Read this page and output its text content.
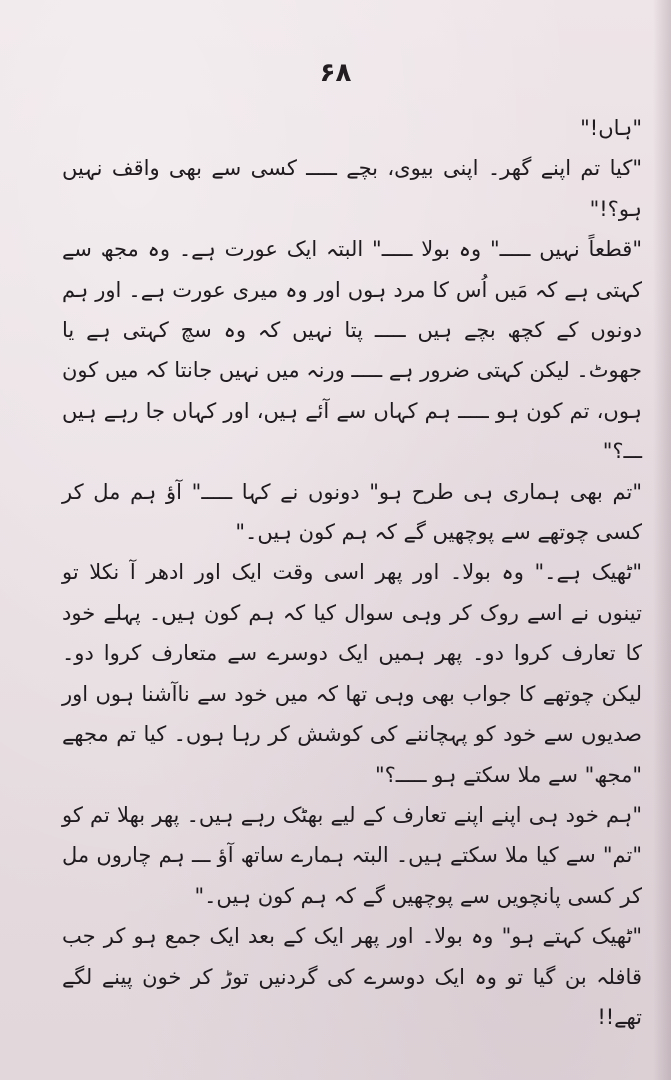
۶۸

"ہاں!"

"کیا تم اپنے گھر۔ اپنی بیوی، بچے ـــــ کسی سے بھی واقف نہیں ہو؟!"

"قطعاً نہیں ـــــ" وہ بولا ـــــ" البتہ ایک عورت ہے۔ وہ مجھ سے کہتی ہے کہ مَیں اُس کا مرد ہوں اور وہ میری عورت ہے۔ اور ہم دونوں کے کچھ بچے ہیں ـــــ پتا نہیں کہ وہ سچ کہتی ہے یا جھوٹ۔ لیکن کہتی ضرور ہے ـــــ ورنہ میں نہیں جانتا کہ میں کون ہوں، تم کون ہو ـــــ ہم کہاں سے آئے ہیں، اور کہاں جا رہے ہیں ـــ؟"

"تم بھی ہماری ہی طرح ہو" دونوں نے کہا ـــــ" آؤ ہم مل کر کسی چوتھے سے پوچھیں گے کہ ہم کون ہیں۔"

"ٹھیک ہے۔" وہ بولا۔ اور پھر اسی وقت ایک اور ادھر آ نکلا تو تینوں نے اسے روک کر وہی سوال کیا کہ ہم کون ہیں۔ پہلے خود کا تعارف کروا دو۔ پھر ہمیں ایک دوسرے سے متعارف کروا دو۔ لیکن چوتھے کا جواب بھی وہی تھا کہ میں خود سے ناآشنا ہوں اور صدیوں سے خود کو پہچاننے کی کوشش کر رہا ہوں۔ کیا تم مجھے "مجھ" سے ملا سکتے ہو ـــــ؟"

"ہم خود ہی اپنے اپنے تعارف کے لیے بھٹک رہے ہیں۔ پھر بھلا تم کو "تم" سے کیا ملا سکتے ہیں۔ البتہ ہمارے ساتھ آؤ ـــ ہم چاروں مل کر کسی پانچویں سے پوچھیں گے کہ ہم کون ہیں۔"

"ٹھیک کہتے ہو" وہ بولا۔ اور پھر ایک کے بعد ایک جمع ہو کر جب قافلہ بن گیا تو وہ ایک دوسرے کی گردنیں توڑ کر خون پینے لگے تھے!!
